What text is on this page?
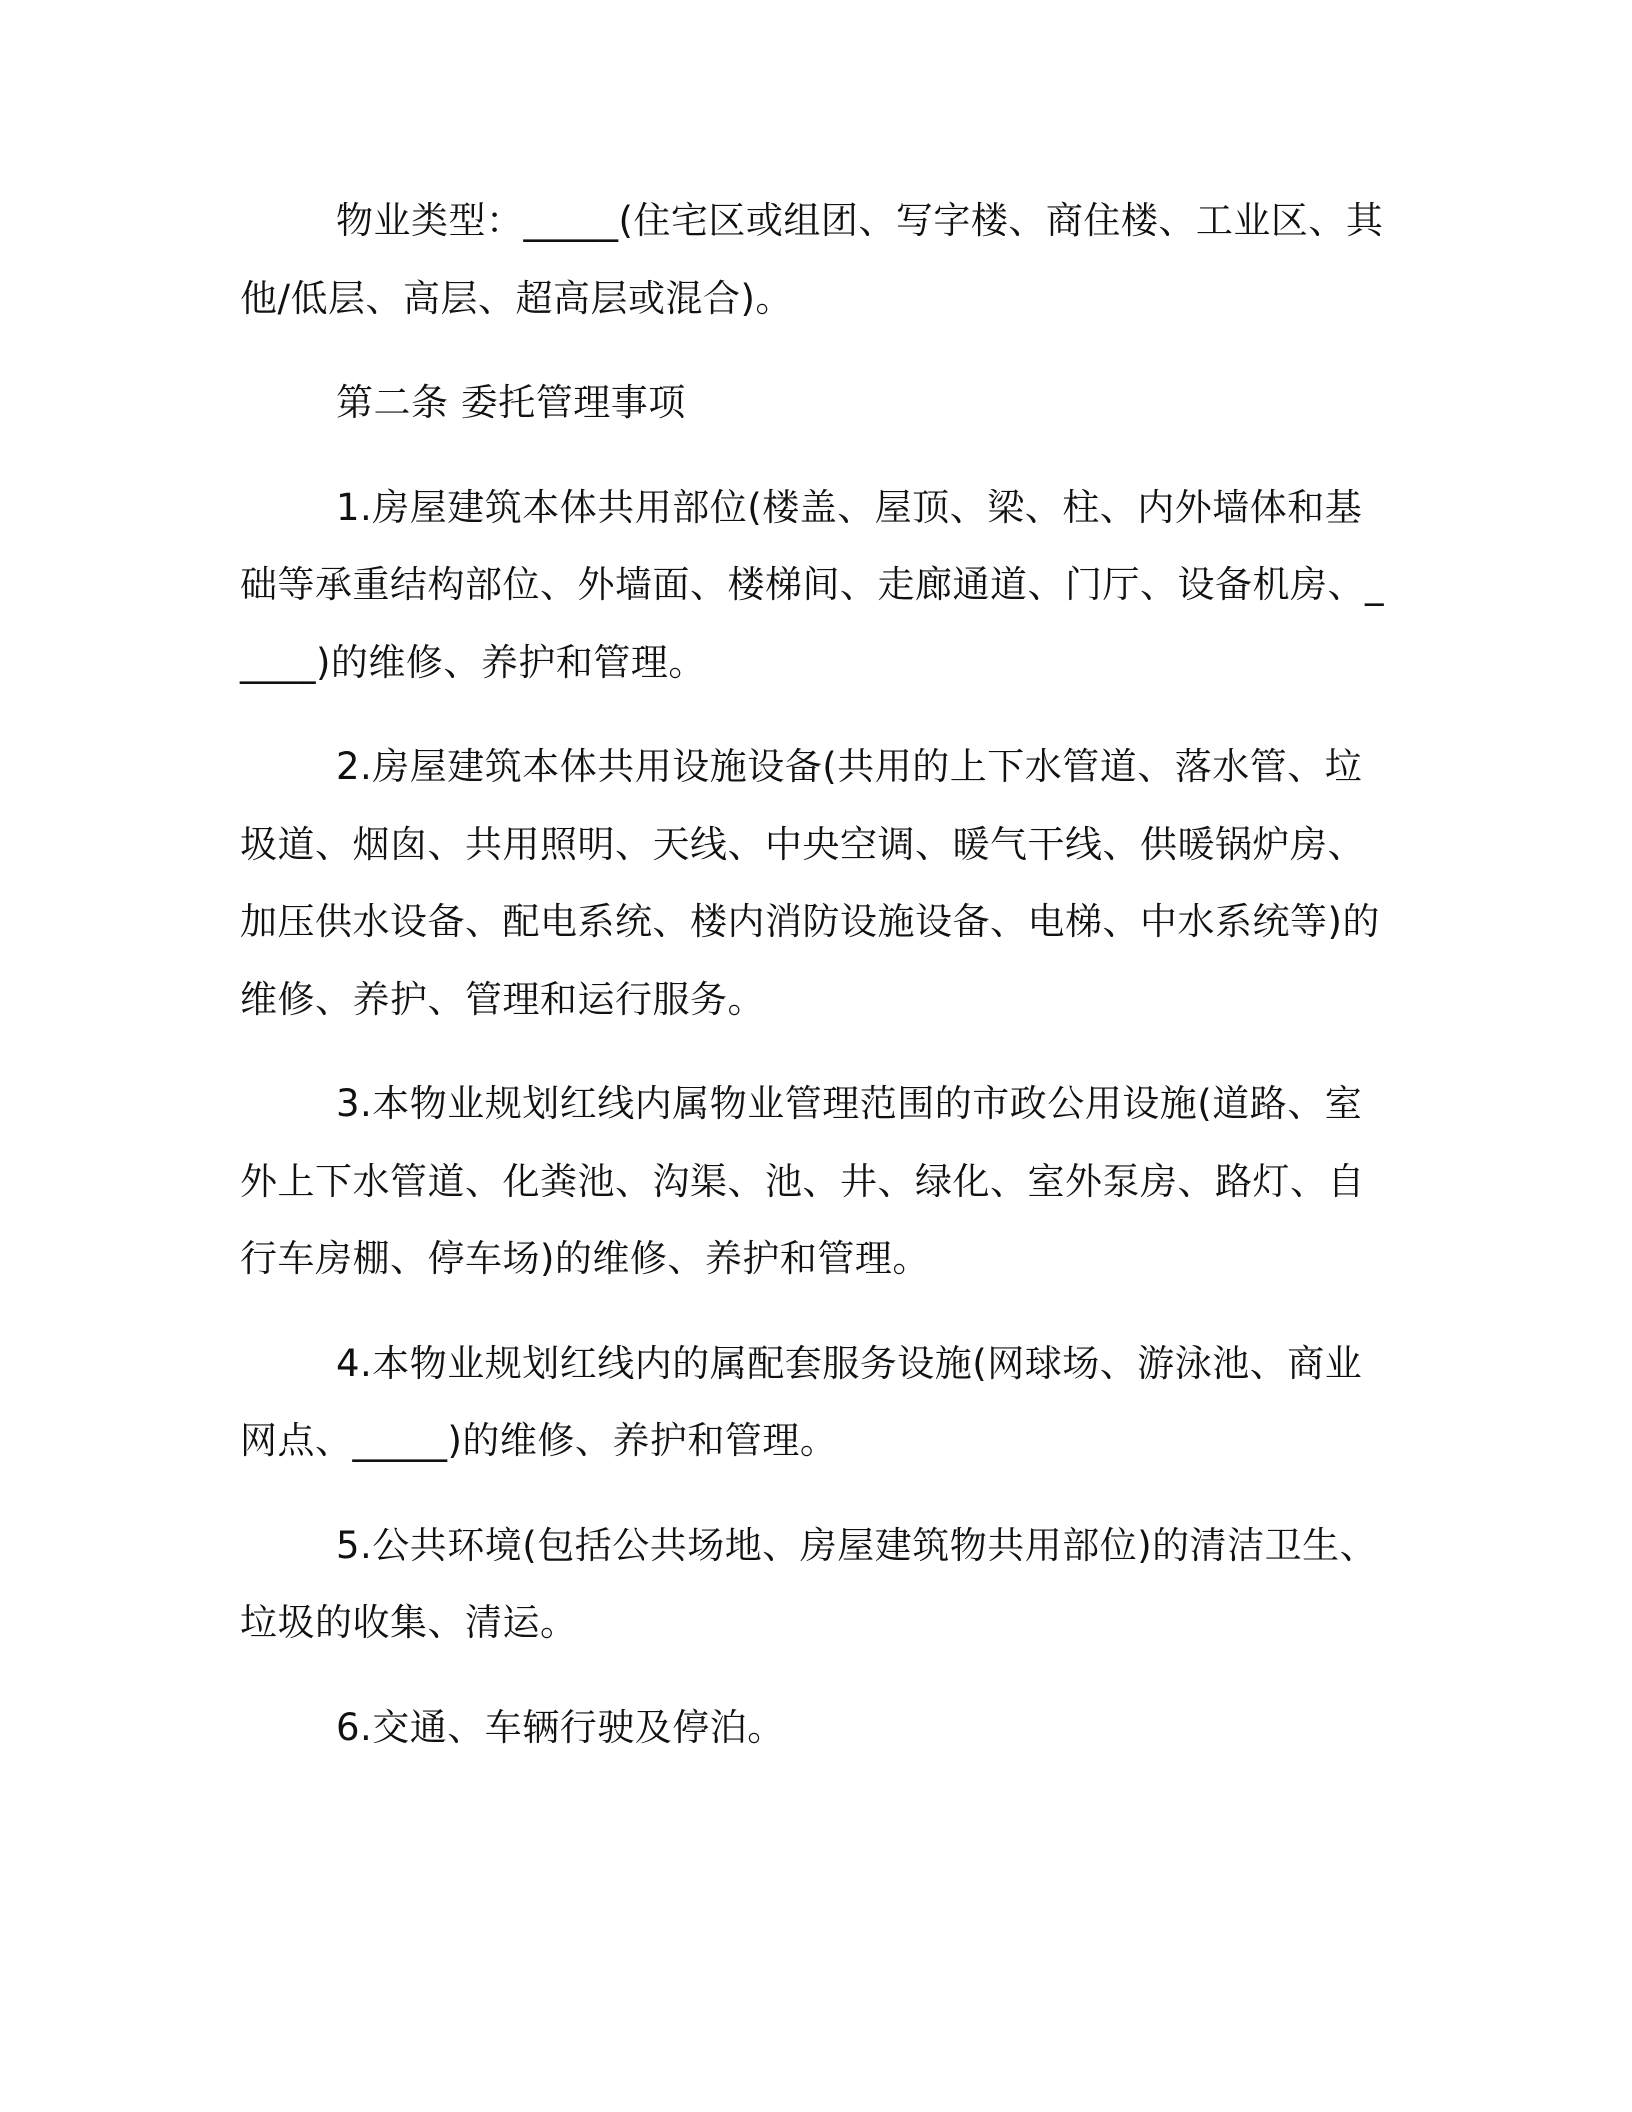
物业类型：_____(住宅区或组团、写字楼、商住楼、工业区、其他/低层、高层、超高层或混合)。

第二条 委托管理事项

1.房屋建筑本体共用部位(楼盖、屋顶、梁、柱、内外墙体和基础等承重结构部位、外墙面、楼梯间、走廊通道、门厅、设备机房、_____)的维修、养护和管理。

2.房屋建筑本体共用设施设备(共用的上下水管道、落水管、垃圾道、烟囱、共用照明、天线、中央空调、暖气干线、供暖锅炉房、加压供水设备、配电系统、楼内消防设施设备、电梯、中水系统等)的维修、养护、管理和运行服务。

3.本物业规划红线内属物业管理范围的市政公用设施(道路、室外上下水管道、化粪池、沟渠、池、井、绿化、室外泵房、路灯、自行车房棚、停车场)的维修、养护和管理。

4.本物业规划红线内的属配套服务设施(网球场、游泳池、商业网点、_____)的维修、养护和管理。

5.公共环境(包括公共场地、房屋建筑物共用部位)的清洁卫生、垃圾的收集、清运。

6.交通、车辆行驶及停泊。
